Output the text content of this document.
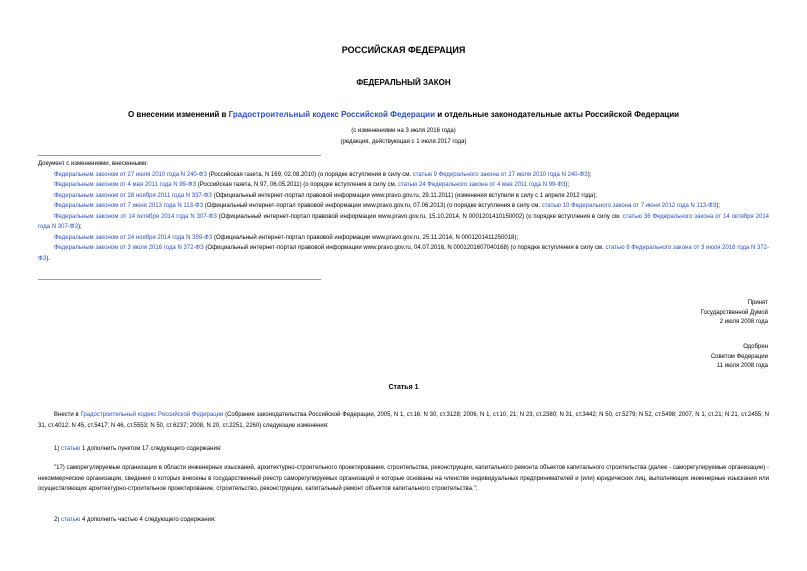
РОССИЙСКАЯ ФЕДЕРАЦИЯ
ФЕДЕРАЛЬНЫЙ ЗАКОН
О внесении изменений в Градостроительный кодекс Российской Федерации и отдельные законодательные акты Российской Федерации
(с изменениями на 3 июля 2016 года)
(редакция, действующая с 1 июля 2017 года)

Документ с изменениями, внесенными:

Федеральным законом от 27 июля 2010 года N 240-ФЗ (Российская газета, N 169, 02.08.2010) (о порядке вступления в силу см. статью 9 Федерального закона от 27 июля 2010 года N 240-ФЗ);

Федеральным законом от 4 мая 2011 года N 99-ФЗ (Российская газета, N 97, 06.05.2011) (о порядке вступления в силу см. статью 24 Федерального закона от 4 мая 2011 года N 99-ФЗ);

Федеральным законом от 28 ноября 2011 года N 337-ФЗ (Официальный интернет-портал правовой информации www.pravo.gov.ru, 29.11.2011) (изменения вступили в силу с 1 апреля 2012 года);

Федеральным законом от 7 июня 2013 года N 113-ФЗ (Официальный интернет-портал правовой информации www.pravo.gov.ru, 07.06.2013) (о порядке вступления в силу см. статью 10 Федерального закона от 7 июня 2012 года N 113-ФЗ);

Федеральным законом от 14 октября 2014 года N 307-ФЗ (Официальный интернет-портал правовой информации www.pravo.gov.ru, 15.10.2014, N 0001201410150002) (о порядке вступления в силу см. статью 36 Федерального закона от 14 октября 2014 года N 307-ФЗ);

Федеральным законом от 24 ноября 2014 года N 359-ФЗ (Официальный интернет-портал правовой информации www.pravo.gov.ru, 25.11.2014, N 0001201411250018);

Федеральным законом от 3 июля 2016 года N 372-ФЗ (Официальный интернет-портал правовой информации www.pravo.gov.ru, 04.07.2016, N 0001201607040168) (о порядке вступления в силу см. статью 9 Федерального закона от 3 июля 2016 года N 372-ФЗ).

Принят
Государственной Думой
2 июля 2008 года
Одобрен
Советом Федерации
11 июля 2008 года
Статья 1
Внести в Градостроительный кодекс Российской Федерации (Собрание законодательства Российской Федерации, 2005, N 1, ст.16; N 30, ст.3128; 2006, N 1, ст.10, 21; N 23, ст.2380; N 31, ст.3442; N 50, ст.5279; N 52, ст.5498; 2007, N 1, ст.21; N 21, ст.2455; N 31, ст.4012; N 45, ст.5417; N 46, ст.5553; N 50, ст.6237; 2008, N 20, ст.2251, 2260) следующие изменения:
1) статью 1 дополнить пунктом 17 следующего содержания:
"17) саморегулируемые организации в области инженерных изысканий, архитектурно-строительного проектирования, строительства, реконструкции, капитального ремонта объектов капитального строительства (далее - саморегулируемые организации) - некоммерческие организации, сведения о которых внесены в государственный реестр саморегулируемых организаций и которые основаны на членстве индивидуальных предпринимателей и (или) юридических лиц, выполняющих инженерные изыскания или осуществляющих архитектурно-строительное проектирование, строительство, реконструкцию, капитальный ремонт объектов капитального строительства.";
2) статью 4 дополнить частью 4 следующего содержания:
